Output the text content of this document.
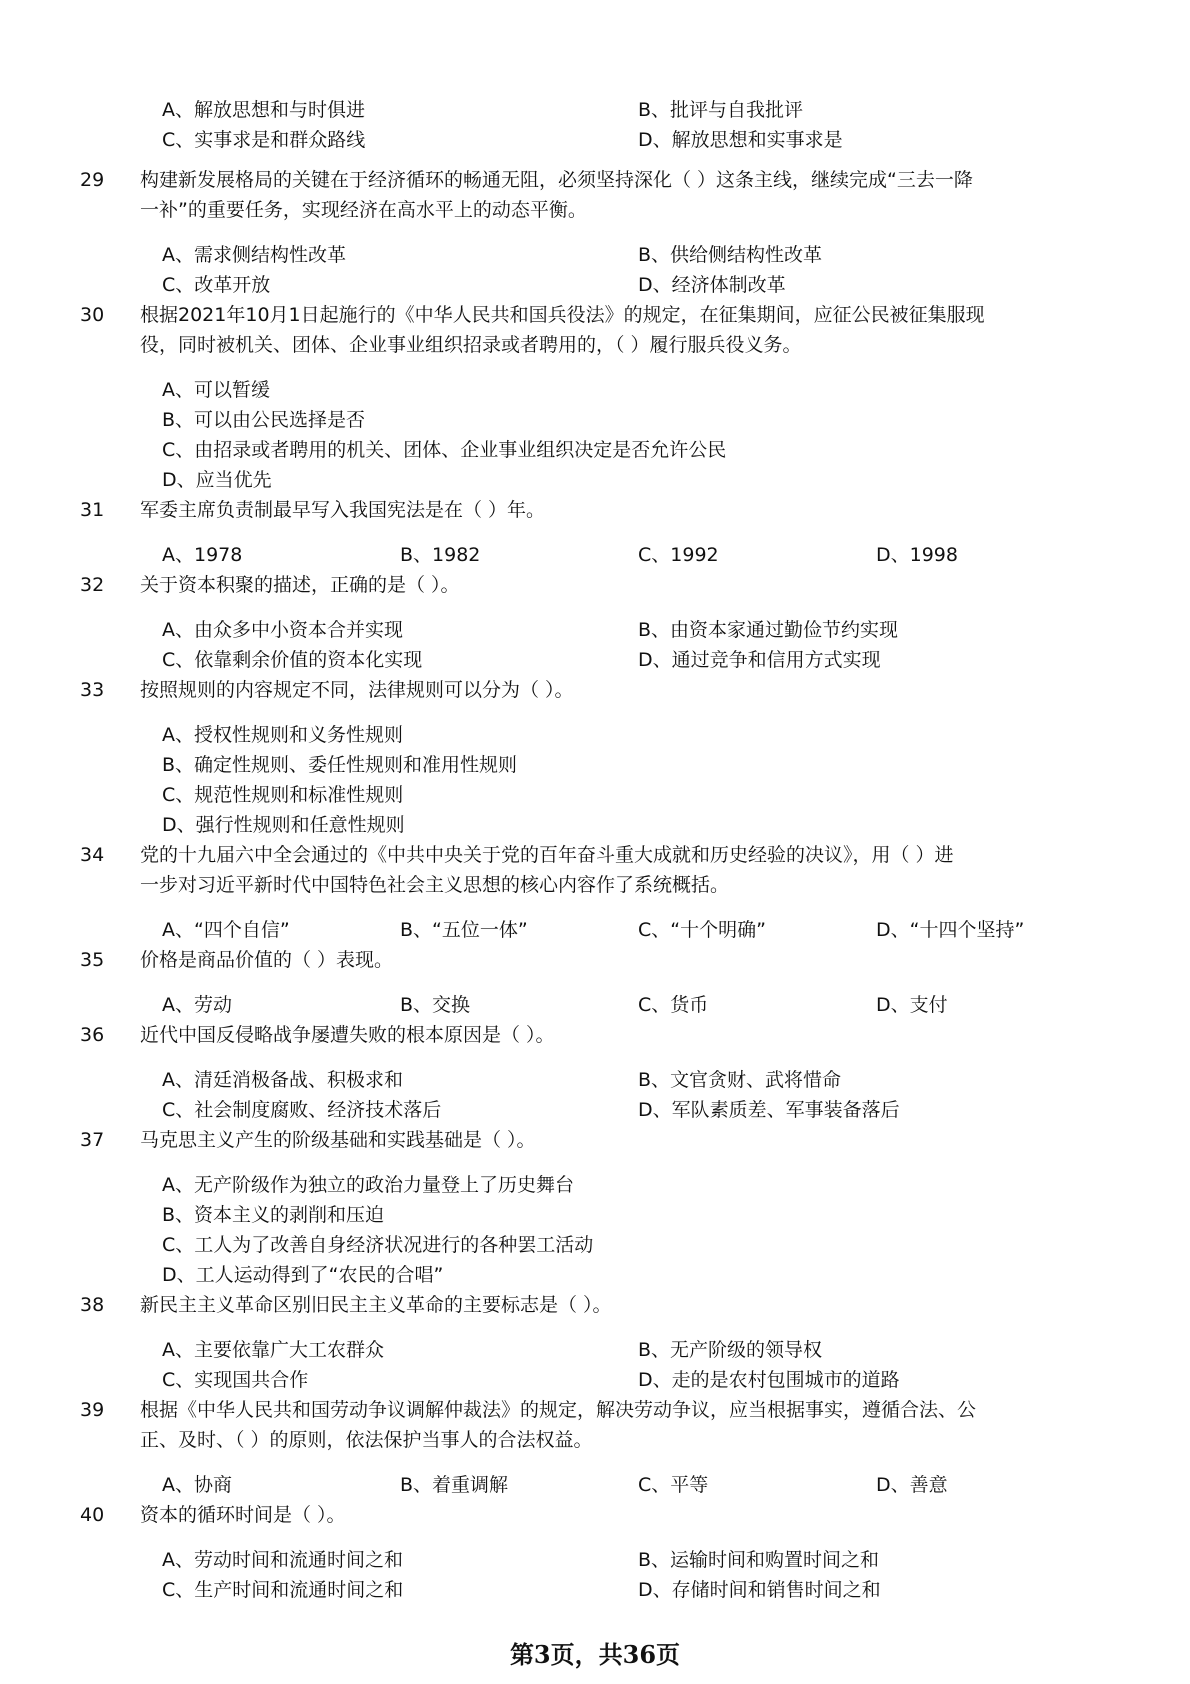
A、解放思想和与时俱进	B、批评与自我批评
C、实事求是和群众路线	D、解放思想和实事求是
29	构建新发展格局的关键在于经济循环的畅通无阻，必须坚持深化（ ）这条主线，继续完成“三去一降
一补”的重要任务，实现经济在高水平上的动态平衡。
A、需求侧结构性改革	B、供给侧结构性改革
C、改革开放	D、经济体制改革
30	根据2021年10月1日起施行的《中华人民共和国兵役法》的规定，在征集期间，应征公民被征集服现
役，同时被机关、团体、企业事业组织招录或者聘用的，（ ）履行服兵役义务。
A、可以暂缓
B、可以由公民选择是否
C、由招录或者聘用的机关、团体、企业事业组织决定是否允许公民
D、应当优先
31	军委主席负责制最早写入我国宪法是在（ ）年。
A、1978	B、1982	C、1992	D、1998
32	关于资本积聚的描述，正确的是（ ）。
A、由众多中小资本合并实现	B、由资本家通过勤俭节约实现
C、依靠剩余价值的资本化实现	D、通过竞争和信用方式实现
33	按照规则的内容规定不同，法律规则可以分为（ ）。
A、授权性规则和义务性规则
B、确定性规则、委任性规则和准用性规则
C、规范性规则和标准性规则
D、强行性规则和任意性规则
34	党的十九届六中全会通过的《中共中央关于党的百年奋斗重大成就和历史经验的决议》，用（ ）进
一步对习近平新时代中国特色社会主义思想的核心内容作了系统概括。
A、“四个自信”	B、“五位一体”	C、“十个明确”	D、“十四个坚持”
35	价格是商品价值的（ ）表现。
A、劳动	B、交换	C、货币	D、支付
36	近代中国反侵略战争屡遭失败的根本原因是（ ）。
A、清廷消极备战、积极求和	B、文官贪财、武将惜命
C、社会制度腐败、经济技术落后	D、军队素质差、军事装备落后
37	马克思主义产生的阶级基础和实践基础是（ ）。
A、无产阶级作为独立的政治力量登上了历史舞台
B、资本主义的剥削和压迫
C、工人为了改善自身经济状况进行的各种罢工活动
D、工人运动得到了“农民的合唱”
38	新民主主义革命区别旧民主主义革命的主要标志是（ ）。
A、主要依靠广大工农群众	B、无产阶级的领导权
C、实现国共合作	D、走的是农村包围城市的道路
39	根据《中华人民共和国劳动争议调解仲裁法》的规定，解决劳动争议，应当根据事实，遵循合法、公
正、及时、（ ）的原则，依法保护当事人的合法权益。
A、协商	B、着重调解	C、平等	D、善意
40	资本的循环时间是（ ）。
A、劳动时间和流通时间之和	B、运输时间和购置时间之和
C、生产时间和流通时间之和	D、存储时间和销售时间之和
第3页，共36页
